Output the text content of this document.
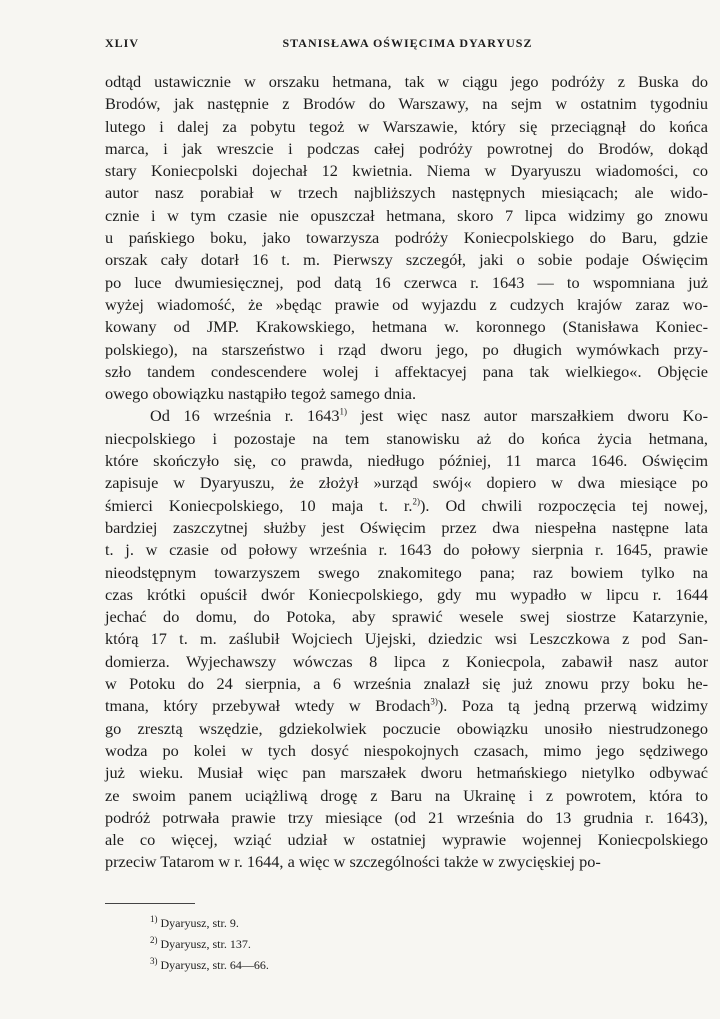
XLIV	STANISŁAWA OŚWIĘCIMA DYARYUSZ
odtąd ustawicznie w orszaku hetmana, tak w ciągu jego podróży z Buska do
Brodów, jak następnie z Brodów do Warszawy, na sejm w ostatnim tygodniu
lutego i dalej za pobytu tegoż w Warszawie, który się przeciągnął do końca
marca, i jak wreszcie i podczas całej podróży powrotnej do Brodów, dokąd
stary Koniecpolski dojechał 12 kwietnia. Niema w Dyaryuszu wiadomości, co
autor nasz porabiał w trzech najbliższych następnych miesiącach; ale wido-
cznie i w tym czasie nie opuszczał hetmana, skoro 7 lipca widzimy go znowu
u pańskiego boku, jako towarzysza podróży Koniecpolskiego do Baru, gdzie
orszak cały dotarł 16 t. m. Pierwszy szczegół, jaki o sobie podaje Oświęcim
po luce dwumiesięcznej, pod datą 16 czerwca r. 1643 — to wspomniana już
wyżej wiadomość, że »będąc prawie od wyjazdu z cudzych krajów zaraz wo-
kowany od JMP. Krakowskiego, hetmana w. koronnego (Stanisława Koniec-
polskiego), na starszeństwo i rząd dworu jego, po długich wymówkach przy-
szło tandem condescendere wolej i affektacyej pana tak wielkiego«. Objęcie
owego obowiązku nastąpiło tegoż samego dnia.
Od 16 września r. 1643$^{1)}$ jest więc nasz autor marszałkiem dworu Ko-
niecpolskiego i pozostaje na tem stanowisku aż do końca życia hetmana,
które skończyło się, co prawda, niedługo później, 11 marca 1646. Oświęcim
zapisuje w Dyaryuszu, że złożył »urząd swój« dopiero w dwa miesiące po
śmierci Koniecpolskiego, 10 maja t. r.$^{2)}$). Od chwili rozpoczęcia tej nowej,
bardziej zaszczytnej służby jest Oświęcim przez dwa niespełna następne lata
t. j. w czasie od połowy września r. 1643 do połowy sierpnia r. 1645, prawie
nieodstępnym towarzyszem swego znakomitego pana; raz bowiem tylko na
czas krótki opuścił dwór Koniecpolskiego, gdy mu wypadło w lipcu r. 1644
jechać do domu, do Potoka, aby sprawić wesele swej siostrze Katarzynie,
którą 17 t. m. zaślubił Wojciech Ujejski, dziedzic wsi Leszczkowa z pod San-
domierza. Wyjechawszy wówczas 8 lipca z Koniecpola, zabawił nasz autor
w Potoku do 24 sierpnia, a 6 września znalazł się już znowu przy boku he-
tmana, który przebywał wtedy w Brodach$^{3)}$). Poza tą jedną przerwą widzimy
go zresztą wszędzie, gdziekolwiek poczucie obowiązku unosiło niestrudzonego
wodza po kolei w tych dosyć niespokojnych czasach, mimo jego sędziwego
już wieku. Musiał więc pan marszałek dworu hetmańskiego nietylko odbywać
ze swoim panem uciążliwą drogę z Baru na Ukrainę i z powrotem, która to
podróż potrwała prawie trzy miesiące (od 21 września do 13 grudnia r. 1643),
ale co więcej, wziąć udział w ostatniej wyprawie wojennej Koniecpolskiego
przeciw Tatarom w r. 1644, a więc w szczególności także w zwycięskiej po-
$^{1)}$ Dyaryusz, str. 9.
$^{2)}$ Dyaryusz, str. 137.
$^{3)}$ Dyaryusz, str. 64—66.
